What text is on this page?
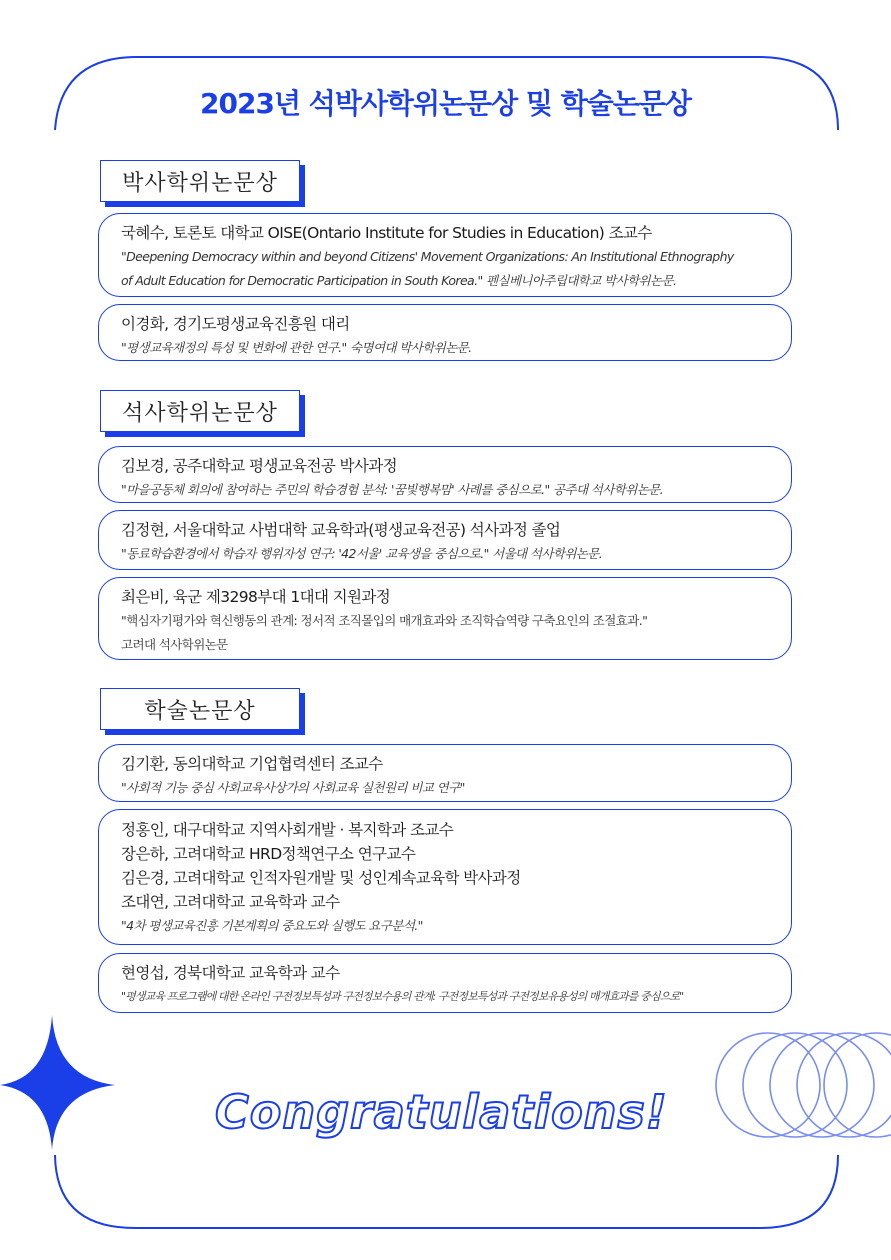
2023년 석박사학위논문상 및 학술논문상
박사학위논문상
국혜수, 토론토 대학교 OISE(Ontario Institute for Studies in Education) 조교수
"Deepening Democracy within and beyond Citizens' Movement Organizations: An Institutional Ethnography
of Adult Education for Democratic Participation in South Korea." 펜실베니아주립대학교 박사학위논문.
이경화, 경기도평생교육진흥원 대리
"평생교육재정의 특성 및 변화에 관한 연구." 숙명여대 박사학위논문.
석사학위논문상
김보경, 공주대학교 평생교육전공 박사과정
"마을공동체 회의에 참여하는 주민의 학습경험 분석: '꿈빛행복맘' 사례를 중심으로." 공주대 석사학위논문.
김정현, 서울대학교 사범대학 교육학과(평생교육전공) 석사과정 졸업
"동료학습환경에서 학습자 행위자성 연구: '42서울' 교육생을 중심으로." 서울대 석사학위논문.
최은비, 육군 제3298부대 1대대 지원과정
"핵심자기평가와 혁신행동의 관계: 정서적 조직몰입의 매개효과와 조직학습역량 구축요인의 조절효과."
고려대 석사학위논문
학술논문상
김기환, 동의대학교 기업협력센터 조교수
"사회적 기능 중심 사회교육사상가의 사회교육 실천원리 비교 연구"
정홍인, 대구대학교 지역사회개발 · 복지학과 조교수
장은하, 고려대학교 HRD정책연구소 연구교수
김은경, 고려대학교 인적자원개발 및 성인계속교육학 박사과정
조대연, 고려대학교 교육학과 교수
"4차 평생교육진흥 기본계획의 중요도와 실행도 요구분석."
현영섭, 경북대학교 교육학과 교수
"평생교육 프로그램에 대한 온라인 구전정보특성과 구전정보수용의 관계: 구전정보특성과 구전정보유용성의 매개효과를 중심으로"
Congratulations!
